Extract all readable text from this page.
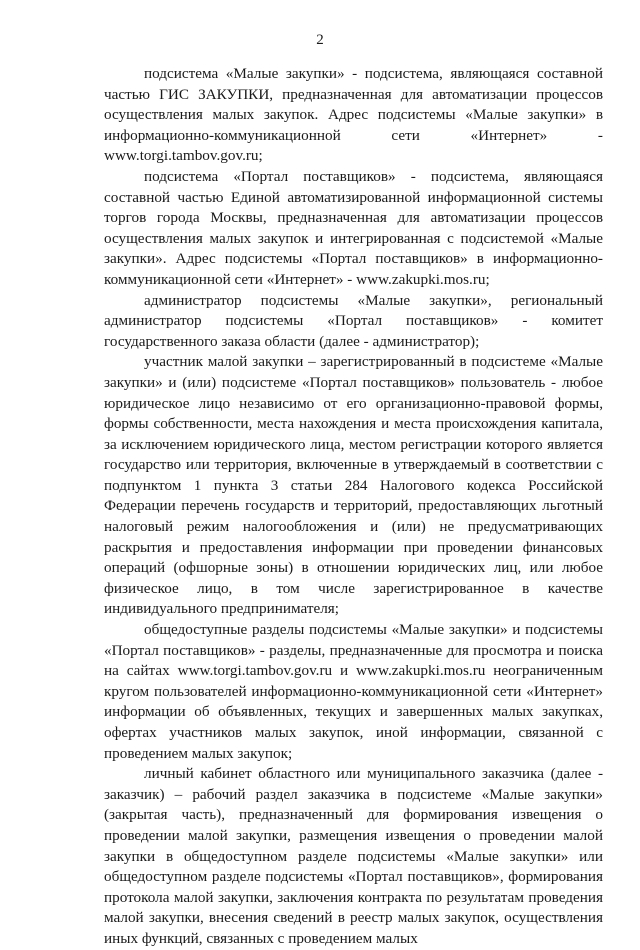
2

подсистема «Малые закупки» - подсистема, являющаяся составной частью ГИС ЗАКУПКИ, предназначенная для автоматизации процессов осуществления малых закупок. Адрес подсистемы «Малые закупки» в информационно-коммуникационной сети «Интернет» - www.torgi.tambov.gov.ru;

подсистема «Портал поставщиков» - подсистема, являющаяся составной частью Единой автоматизированной информационной системы торгов города Москвы, предназначенная для автоматизации процессов осуществления малых закупок и интегрированная с подсистемой «Малые закупки». Адрес подсистемы «Портал поставщиков» в информационно-коммуникационной сети «Интернет» - www.zakupki.mos.ru;

администратор подсистемы «Малые закупки», региональный администратор подсистемы «Портал поставщиков» - комитет государственного заказа области (далее - администратор);

участник малой закупки – зарегистрированный в подсистеме «Малые закупки» и (или) подсистеме «Портал поставщиков» пользователь - любое юридическое лицо независимо от его организационно-правовой формы, формы собственности, места нахождения и места происхождения капитала, за исключением юридического лица, местом регистрации которого является государство или территория, включенные в утверждаемый в соответствии с подпунктом 1 пункта 3 статьи 284 Налогового кодекса Российской Федерации перечень государств и территорий, предоставляющих льготный налоговый режим налогообложения и (или) не предусматривающих раскрытия и предоставления информации при проведении финансовых операций (офшорные зоны) в отношении юридических лиц, или любое физическое лицо, в том числе зарегистрированное в качестве индивидуального предпринимателя;

общедоступные разделы подсистемы «Малые закупки» и подсистемы «Портал поставщиков» - разделы, предназначенные для просмотра и поиска на сайтах www.torgi.tambov.gov.ru и www.zakupki.mos.ru неограниченным кругом пользователей информационно-коммуникационной сети «Интернет» информации об объявленных, текущих и завершенных малых закупках, офертах участников малых закупок, иной информации, связанной с проведением малых закупок;

личный кабинет областного или муниципального заказчика (далее - заказчик) – рабочий раздел заказчика в подсистеме «Малые закупки» (закрытая часть), предназначенный для формирования извещения о проведении малой закупки, размещения извещения о проведении малой закупки в общедоступном разделе подсистемы «Малые закупки» или общедоступном разделе подсистемы «Портал поставщиков», формирования протокола малой закупки, заключения контракта по результатам проведения малой закупки, внесения сведений в реестр малых закупок, осуществления иных функций, связанных с проведением малых
